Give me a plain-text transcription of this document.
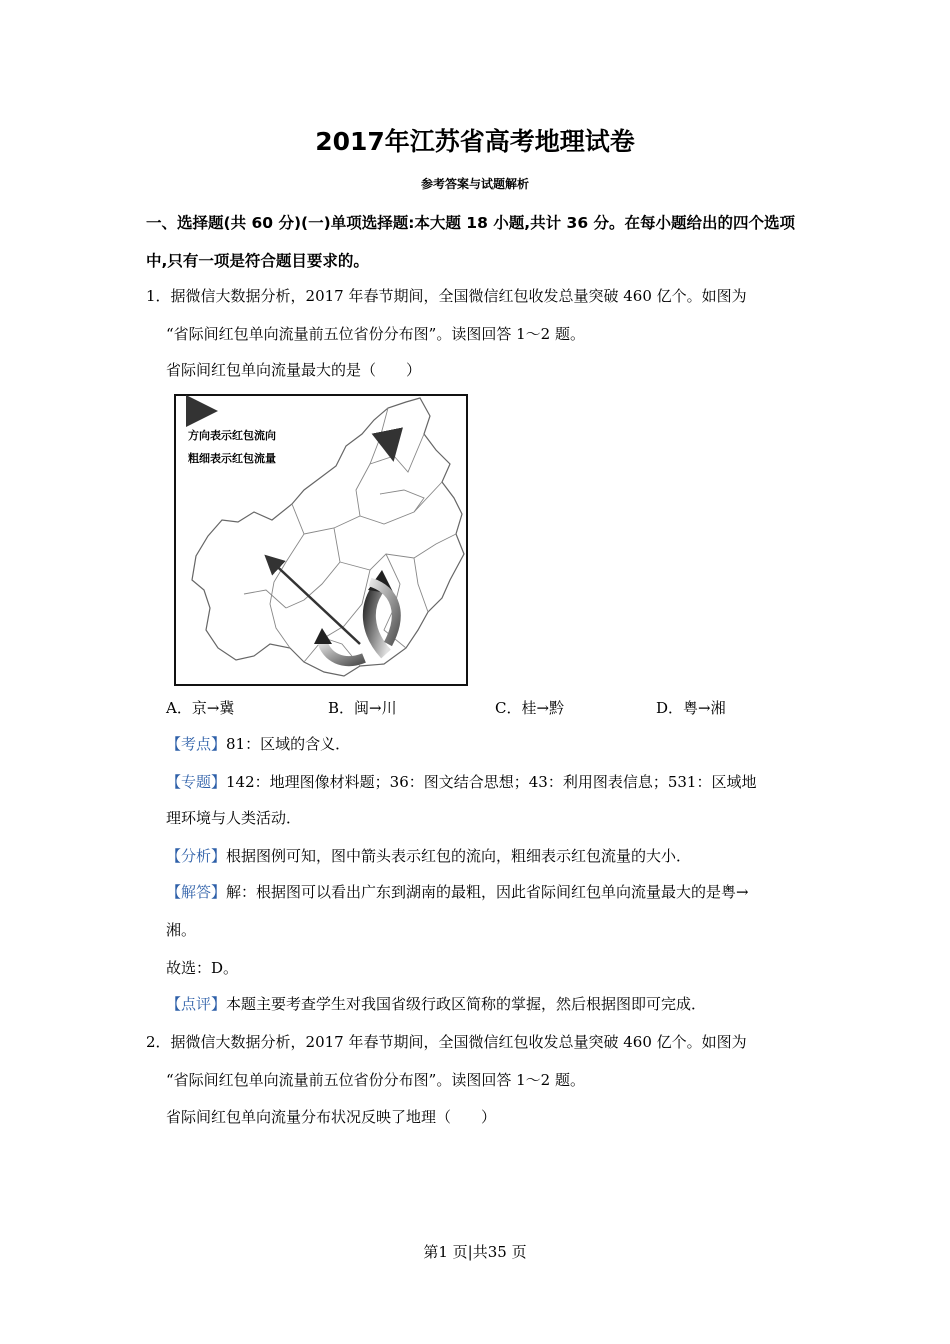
2017年江苏省高考地理试卷
参考答案与试题解析
一、选择题(共 60 分)(一)单项选择题:本大题 18 小题,共计 36 分。在每小题给出的四个选项中,只有一项是符合题目要求的。
1．据微信大数据分析，2017 年春节期间，全国微信红包收发总量突破 460 亿个。如图为
“省际间红包单向流量前五位省份分布图”。读图回答 1～2 题。
省际间红包单向流量最大的是（　　）
方向表示红包流向
粗细表示红包流量
A．京→冀	B．闽→川	C．桂→黔	D．粤→湘
【考点】81：区域的含义．
【专题】142：地理图像材料题；36：图文结合思想；43：利用图表信息；531：区域地
理环境与人类活动．
【分析】根据图例可知，图中箭头表示红包的流向，粗细表示红包流量的大小．
【解答】解：根据图可以看出广东到湖南的最粗，因此省际间红包单向流量最大的是粤→
湘。
故选：D。
【点评】本题主要考查学生对我国省级行政区简称的掌握，然后根据图即可完成．
2．据微信大数据分析，2017 年春节期间，全国微信红包收发总量突破 460 亿个。如图为
“省际间红包单向流量前五位省份分布图”。读图回答 1～2 题。
省际间红包单向流量分布状况反映了地理（　　）
第1 页|共35 页
